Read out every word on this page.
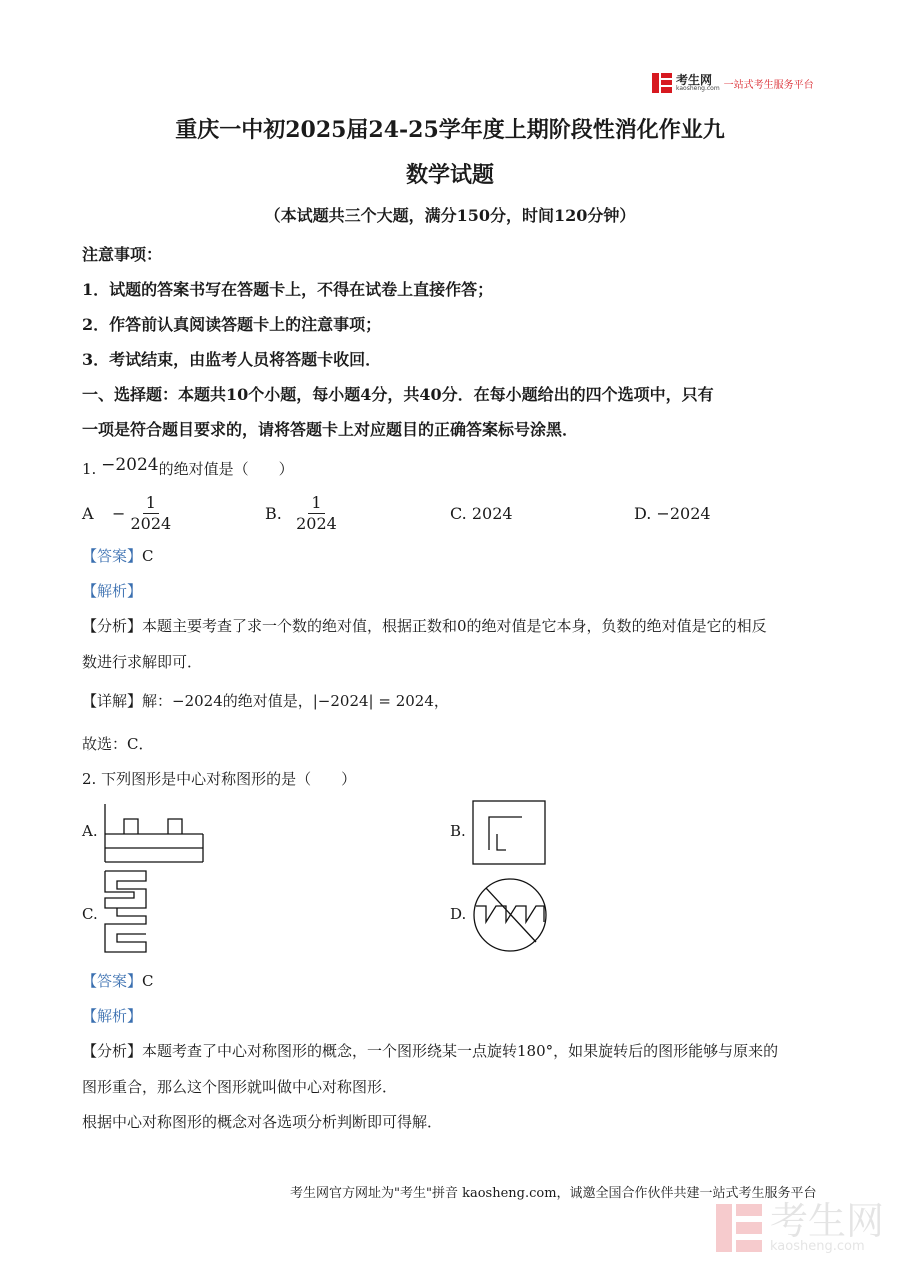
考生网
kaosheng.com 一站式考生服务平台
重庆一中初2025届24-25学年度上期阶段性消化作业九
数学试题
（本试题共三个大题，满分150分，时间120分钟）
注意事项：
1．试题的答案书写在答题卡上，不得在试卷上直接作答；
2．作答前认真阅读答题卡上的注意事项；
3．考试结束，由监考人员将答题卡收回．
一、选择题：本题共10个小题，每小题4分，共40分．在每小题给出的四个选项中，只有
一项是符合题目要求的，请将答题卡上对应题目的正确答案标号涂黑．
1. −2024的绝对值是（　　）
$A - \frac{1}{2024}$	B. $\frac{1}{2024}$	C. 2024	D. −2024
【答案】C
【解析】
【分析】本题主要考查了求一个数的绝对值，根据正数和0的绝对值是它本身，负数的绝对值是它的相反
数进行求解即可．
【详解】解：−2024的绝对值是，|−2024| = 2024，
故选：C．
2. 下列图形是中心对称图形的是（　　）
A.	B.
C.	D.
【答案】C
【解析】
【分析】本题考查了中心对称图形的概念，一个图形绕某一点旋转180°，如果旋转后的图形能够与原来的
图形重合，那么这个图形就叫做中心对称图形．
根据中心对称图形的概念对各选项分析判断即可得解．
考生网官方网址为"考生"拼音 kaosheng.com，诚邀全国合作伙伴共建一站式考生服务平台
考生网
kaosheng.com
